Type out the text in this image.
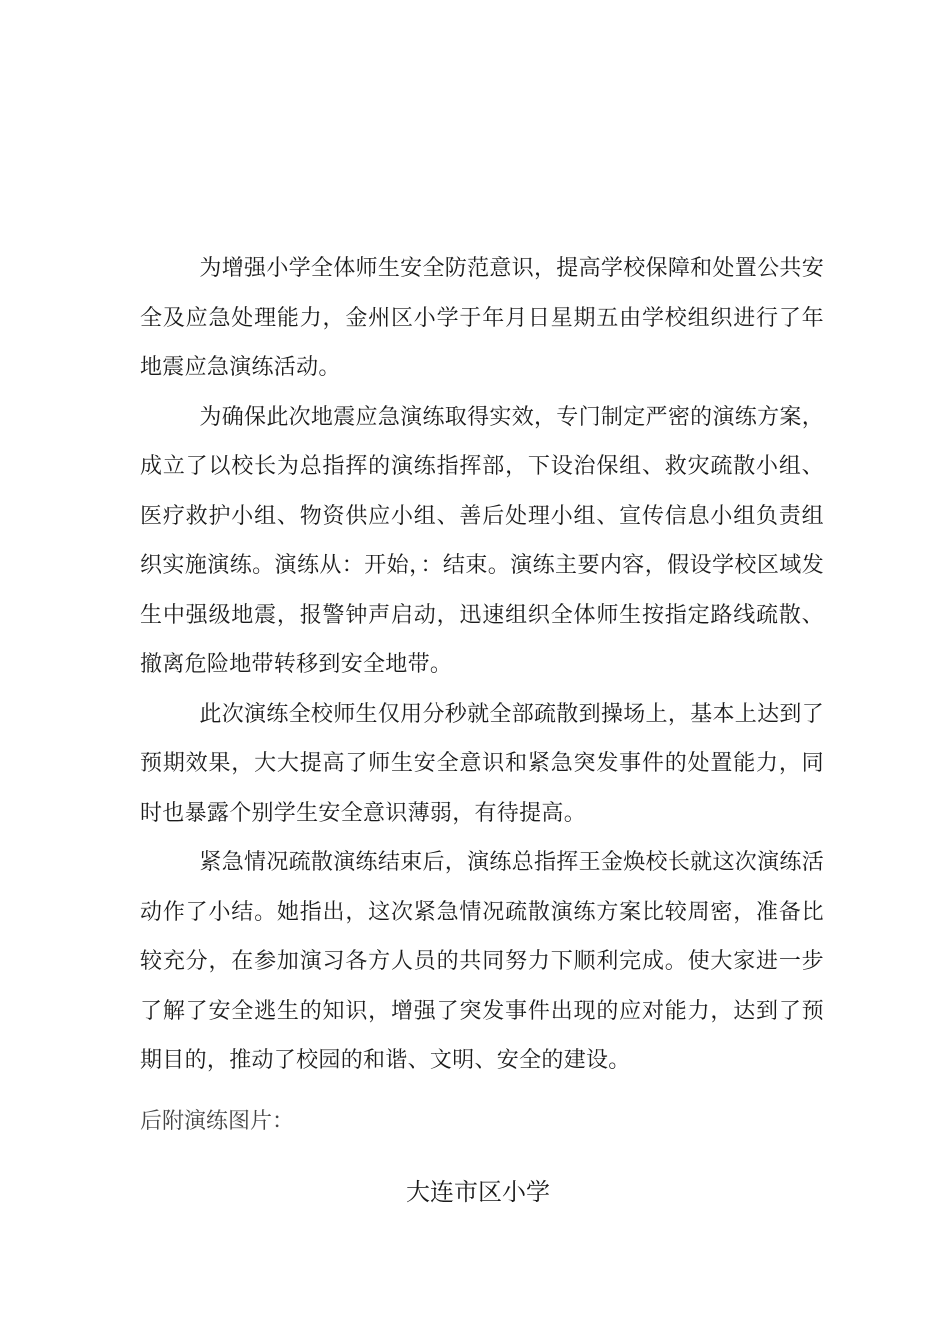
为增强小学全体师生安全防范意识，提高学校保障和处置公共安全及应急处理能力，金州区小学于年月日星期五由学校组织进行了年地震应急演练活动。

为确保此次地震应急演练取得实效，专门制定严密的演练方案，成立了以校长为总指挥的演练指挥部，下设治保组、救灾疏散小组、医疗救护小组、物资供应小组、善后处理小组、宣传信息小组负责组织实施演练。演练从：开始，：结束。演练主要内容，假设学校区域发生中强级地震，报警钟声启动，迅速组织全体师生按指定路线疏散、撤离危险地带转移到安全地带。

此次演练全校师生仅用分秒就全部疏散到操场上，基本上达到了预期效果，大大提高了师生安全意识和紧急突发事件的处置能力，同时也暴露个别学生安全意识薄弱，有待提高。

紧急情况疏散演练结束后，演练总指挥王金焕校长就这次演练活动作了小结。她指出，这次紧急情况疏散演练方案比较周密，准备比较充分，在参加演习各方人员的共同努力下顺利完成。使大家进一步了解了安全逃生的知识，增强了突发事件出现的应对能力，达到了预期目的，推动了校园的和谐、文明、安全的建设。

后附演练图片：

大连市区小学
